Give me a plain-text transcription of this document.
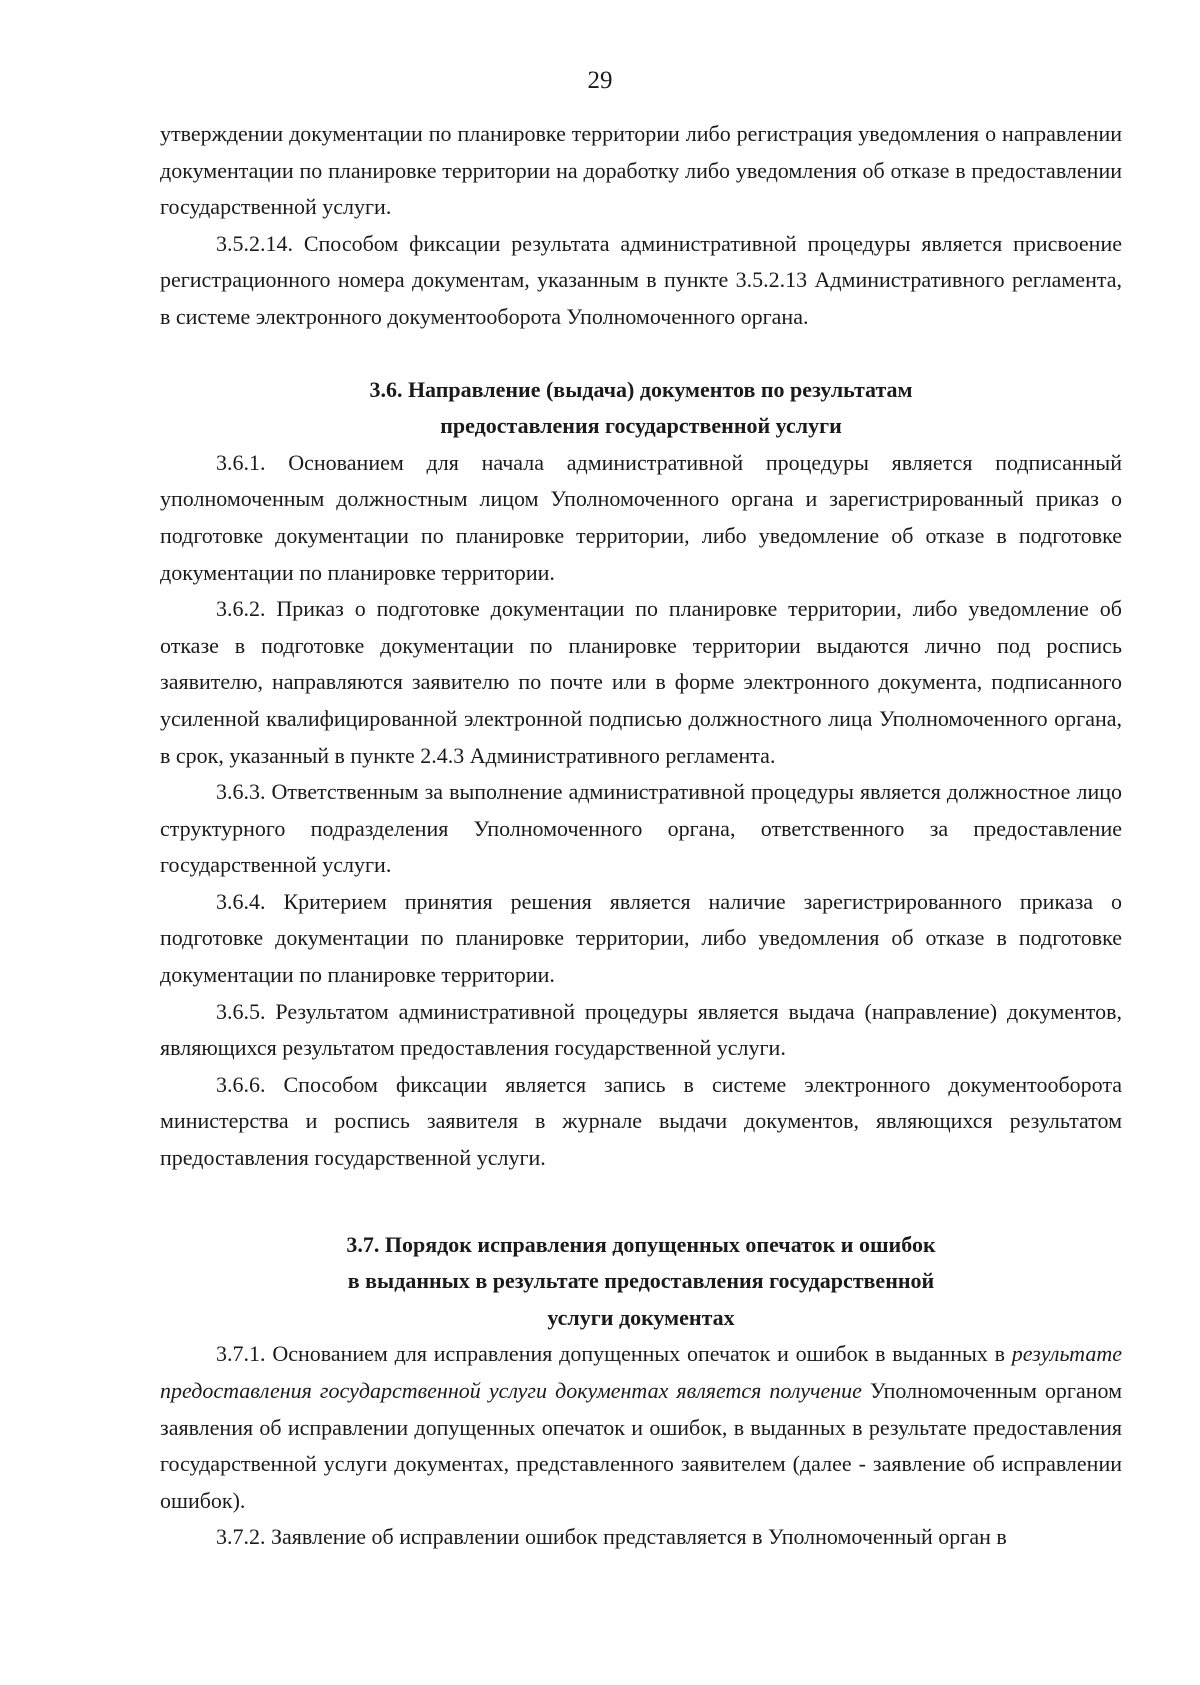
29

утверждении документации по планировке территории либо регистрация уведомления о направлении документации по планировке территории на доработку либо уведомления об отказе в предоставлении государственной услуги.

3.5.2.14. Способом фиксации результата административной процедуры является присвоение регистрационного номера документам, указанным в пункте 3.5.2.13 Административного регламента, в системе электронного документооборота Уполномоченного органа.

3.6. Направление (выдача) документов по результатам
предоставления государственной услуги

3.6.1. Основанием для начала административной процедуры является подписанный уполномоченным должностным лицом Уполномоченного органа и зарегистрированный приказ о подготовке документации по планировке территории, либо уведомление об отказе в подготовке документации по планировке территории.

3.6.2. Приказ о подготовке документации по планировке территории, либо уведомление об отказе в подготовке документации по планировке территории выдаются лично под роспись заявителю, направляются заявителю по почте или в форме электронного документа, подписанного усиленной квалифицированной электронной подписью должностного лица Уполномоченного органа, в срок, указанный в пункте 2.4.3 Административного регламента.

3.6.3. Ответственным за выполнение административной процедуры является должностное лицо структурного подразделения Уполномоченного органа, ответственного за предоставление государственной услуги.

3.6.4. Критерием принятия решения является наличие зарегистрированного приказа о подготовке документации по планировке территории, либо уведомления об отказе в подготовке документации по планировке территории.

3.6.5. Результатом административной процедуры является выдача (направление) документов, являющихся результатом предоставления государственной услуги.

3.6.6. Способом фиксации является запись в системе электронного документооборота министерства и роспись заявителя в журнале выдачи документов, являющихся результатом предоставления государственной услуги.

3.7. Порядок исправления допущенных опечаток и ошибок
в выданных в результате предоставления государственной
услуги документах

3.7.1. Основанием для исправления допущенных опечаток и ошибок в выданных в результате предоставления государственной услуги документах является получение Уполномоченным органом заявления об исправлении допущенных опечаток и ошибок, в выданных в результате предоставления государственной услуги документах, представленного заявителем (далее - заявление об исправлении ошибок).

3.7.2. Заявление об исправлении ошибок представляется в Уполномоченный орган в
